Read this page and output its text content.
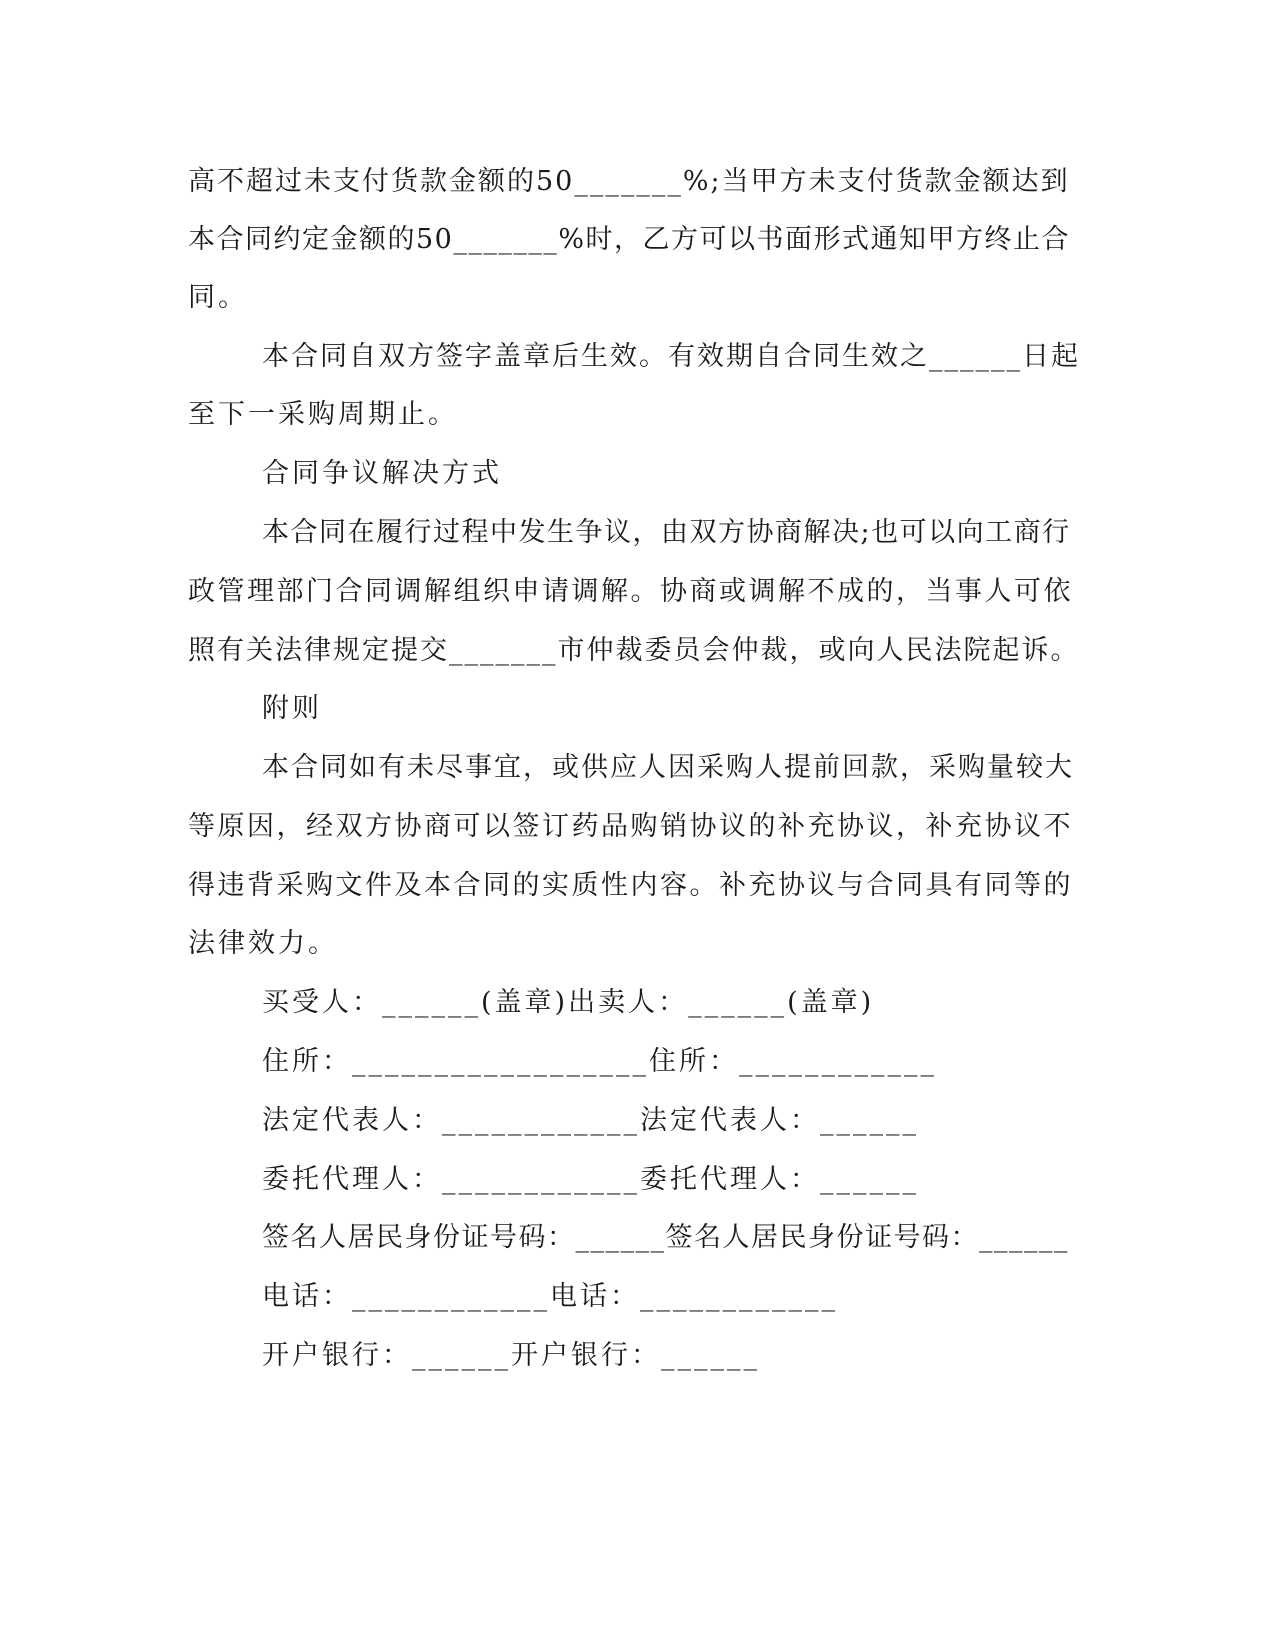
高不超过未支付货款金额的50_______%;当甲方未支付货款金额达到
本合同约定金额的50_______%时，乙方可以书面形式通知甲方终止合
同。
本合同自双方签字盖章后生效。有效期自合同生效之______日起
至下一采购周期止。
合同争议解决方式
本合同在履行过程中发生争议，由双方协商解决;也可以向工商行
政管理部门合同调解组织申请调解。协商或调解不成的，当事人可依
照有关法律规定提交_______市仲裁委员会仲裁，或向人民法院起诉。
附则
本合同如有未尽事宜，或供应人因采购人提前回款，采购量较大
等原因，经双方协商可以签订药品购销协议的补充协议，补充协议不
得违背采购文件及本合同的实质性内容。补充协议与合同具有同等的
法律效力。
买受人：______(盖章)出卖人：______(盖章)
住所：__________________住所：____________
法定代表人：____________法定代表人：______
委托代理人：____________委托代理人：______
签名人居民身份证号码：______签名人居民身份证号码：______
电话：____________电话：____________
开户银行：______开户银行：______
